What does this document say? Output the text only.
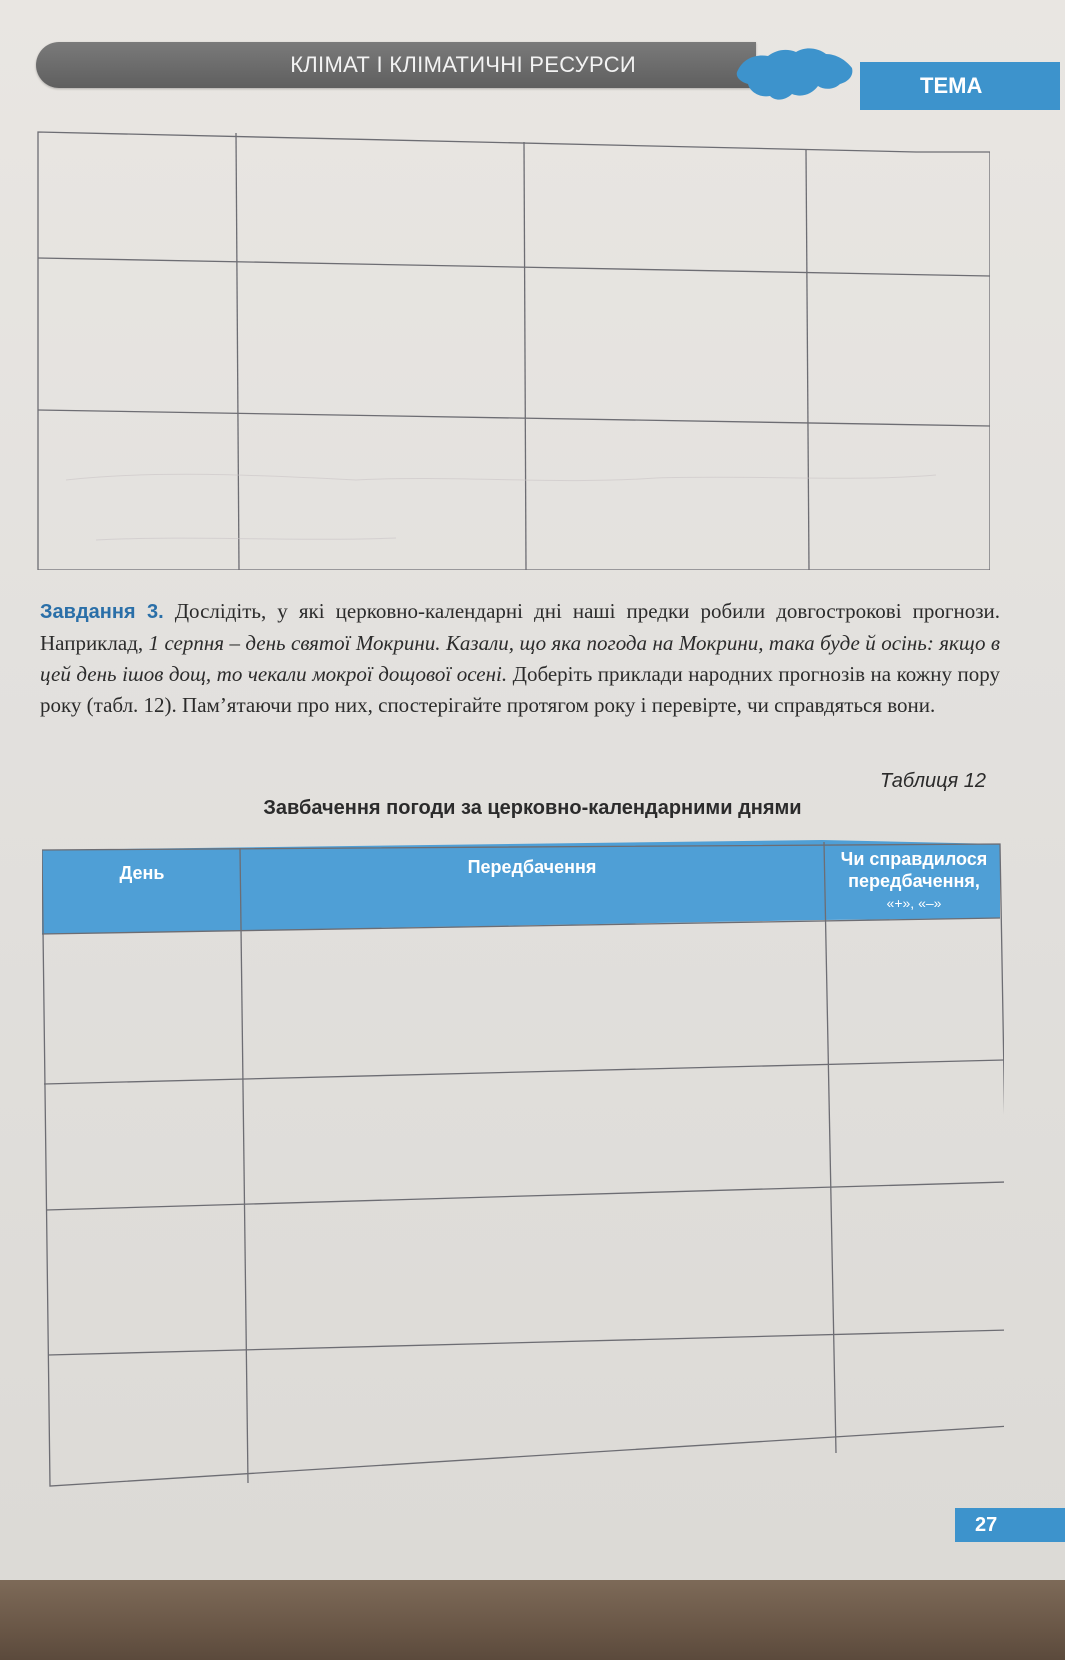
КЛІМАТ І КЛІМАТИЧНІ РЕСУРСИ
ТЕМА
Завдання 3. Дослідіть, у які церковно-календарні дні наші предки робили довгострокові прогнози. Наприклад, 1 серпня – день святої Мокрини. Казали, що яка погода на Мокрини, така буде й осінь: якщо в цей день ішов дощ, то чекали мокрої дощової осені. Доберіть приклади народних прогнозів на кожну пору року (табл. 12). Пам’ятаючи про них, спостерігайте протягом року і перевірте, чи справдяться вони.
Таблиця 12
Завбачення погоди за церковно-календарними днями
День	Передбачення	Чи справдилося
передбачення,
«+», «–»
27
